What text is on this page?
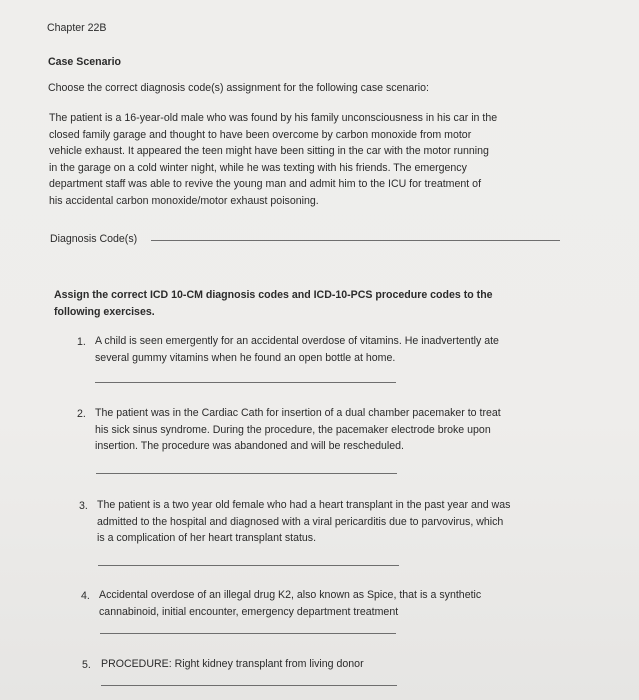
Chapter 22B
Case Scenario
Choose the correct diagnosis code(s) assignment for the following case scenario:
The patient is a 16-year-old male who was found by his family unconsciousness in his car in the
closed family garage and thought to have been overcome by carbon monoxide from motor
vehicle exhaust. It appeared the teen might have been sitting in the car with the motor running
in the garage on a cold winter night, while he was texting with his friends. The emergency
department staff was able to revive the young man and admit him to the ICU for treatment of
his accidental carbon monoxide/motor exhaust poisoning.
Diagnosis Code(s)
Assign the correct ICD 10-CM diagnosis codes and ICD-10-PCS procedure codes to the
following exercises.
1. A child is seen emergently for an accidental overdose of vitamins. He inadvertently ate
several gummy vitamins when he found an open bottle at home.
2. The patient was in the Cardiac Cath for insertion of a dual chamber pacemaker to treat
his sick sinus syndrome. During the procedure, the pacemaker electrode broke upon
insertion. The procedure was abandoned and will be rescheduled.
3. The patient is a two year old female who had a heart transplant in the past year and was
admitted to the hospital and diagnosed with a viral pericarditis due to parvovirus, which
is a complication of her heart transplant status.
4. Accidental overdose of an illegal drug K2, also known as Spice, that is a synthetic
cannabinoid, initial encounter, emergency department treatment
5. PROCEDURE: Right kidney transplant from living donor
